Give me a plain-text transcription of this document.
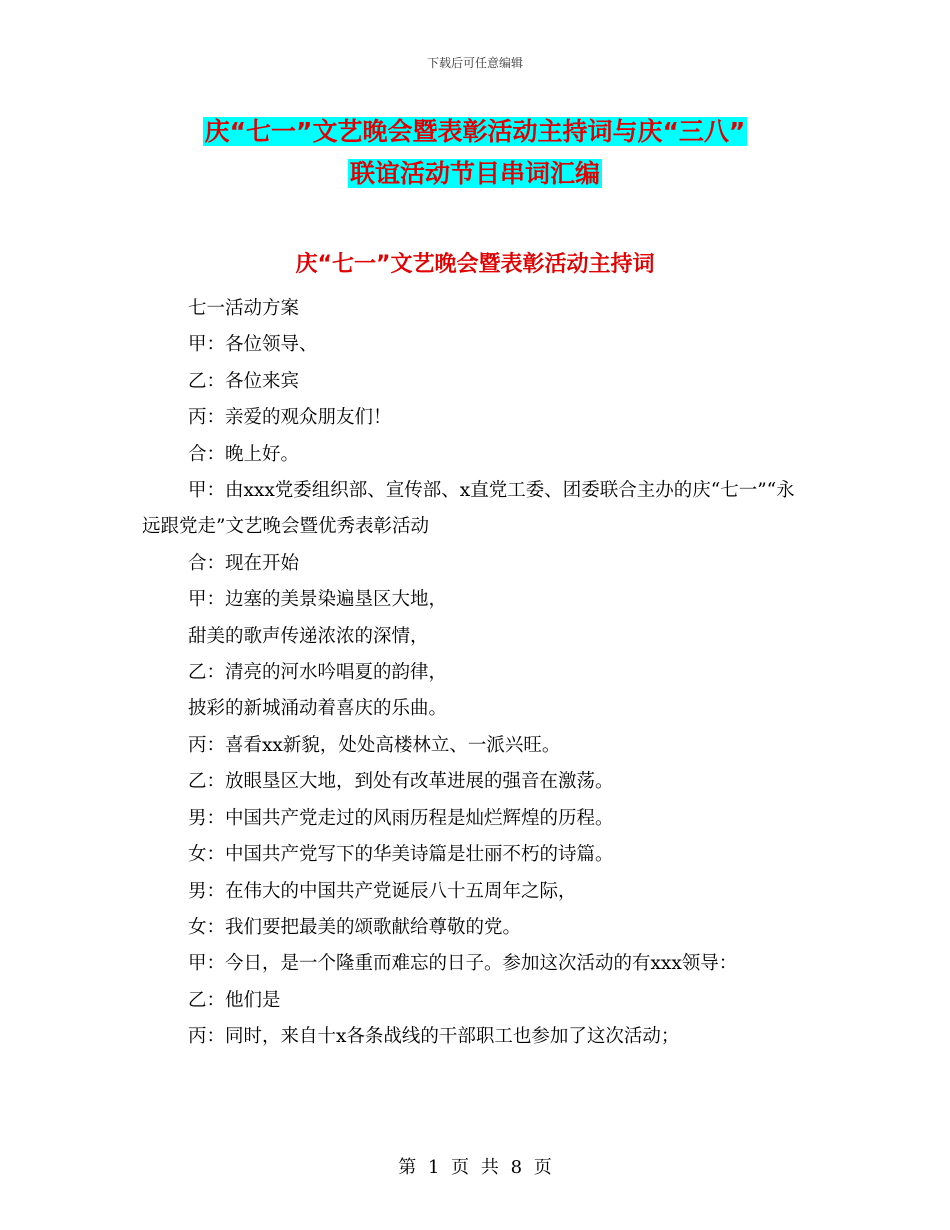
下载后可任意编辑
庆“七一”文艺晚会暨表彰活动主持词与庆“三八”
联谊活动节目串词汇编
庆“七一”文艺晚会暨表彰活动主持词

七一活动方案

甲：各位领导、

乙：各位来宾

丙：亲爱的观众朋友们！

合：晚上好。

甲：由xxx党委组织部、宣传部、x直党工委、团委联合主办的庆“七一”“永远跟党走”文艺晚会暨优秀表彰活动

合：现在开始

甲：边塞的美景染遍垦区大地，

甜美的歌声传递浓浓的深情，

乙：清亮的河水吟唱夏的韵律，

披彩的新城涌动着喜庆的乐曲。

丙：喜看xx新貌，处处高楼林立、一派兴旺。

乙：放眼垦区大地，到处有改革进展的强音在激荡。

男：中国共产党走过的风雨历程是灿烂辉煌的历程。

女：中国共产党写下的华美诗篇是壮丽不朽的诗篇。

男：在伟大的中国共产党诞辰八十五周年之际，

女：我们要把最美的颂歌献给尊敬的党。

甲：今日，是一个隆重而难忘的日子。参加这次活动的有xxx领导：

乙：他们是

丙：同时，来自十x各条战线的干部职工也参加了这次活动；

第 1 页 共 8 页
